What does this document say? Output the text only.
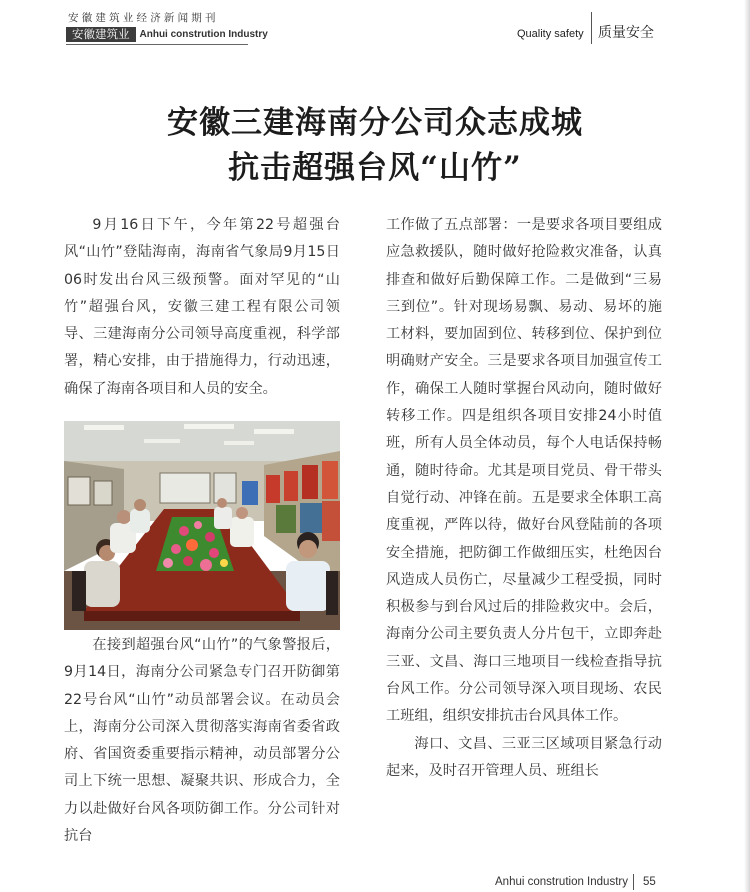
安徽建筑业经济新闻期刊
安徽建筑业	Anhui constrution Industry	Quality safety 质量安全
安徽三建海南分公司众志成城
抗击超强台风“山竹”

9月16日下午，今年第22号超强台风“山竹”登陆海南，海南省气象局9月15日06时发出台风三级预警。面对罕见的“山竹”超强台风，安徽三建工程有限公司领导、三建海南分公司领导高度重视，科学部署，精心安排，由于措施得力，行动迅速，确保了海南各项目和人员的安全。

在接到超强台风“山竹”的气象警报后，9月14日，海南分公司紧急专门召开防御第22号台风“山竹”动员部署会议。在动员会上，海南分公司深入贯彻落实海南省委省政府、省国资委重要指示精神，动员部署分公司上下统一思想、凝聚共识、形成合力，全力以赴做好台风各项防御工作。分公司针对抗台

工作做了五点部署：一是要求各项目要组成应急救援队，随时做好抢险救灾准备，认真排查和做好后勤保障工作。二是做到“三易三到位”。针对现场易飘、易动、易坏的施工材料，要加固到位、转移到位、保护到位明确财产安全。三是要求各项目加强宣传工作，确保工人随时掌握台风动向，随时做好转移工作。四是组织各项目安排24小时值班，所有人员全体动员，每个人电话保持畅通，随时待命。尤其是项目党员、骨干带头自觉行动、冲锋在前。五是要求全体职工高度重视，严阵以待，做好台风登陆前的各项安全措施，把防御工作做细压实，杜绝因台风造成人员伤亡，尽量减少工程受损，同时积极参与到台风过后的排险救灾中。会后，海南分公司主要负责人分片包干，立即奔赴三亚、文昌、海口三地项目一线检查指导抗台风工作。分公司领导深入项目现场、农民工班组，组织安排抗击台风具体工作。

海口、文昌、三亚三区域项目紧急行动起来，及时召开管理人员、班组长

Anhui constrution Industry 55
